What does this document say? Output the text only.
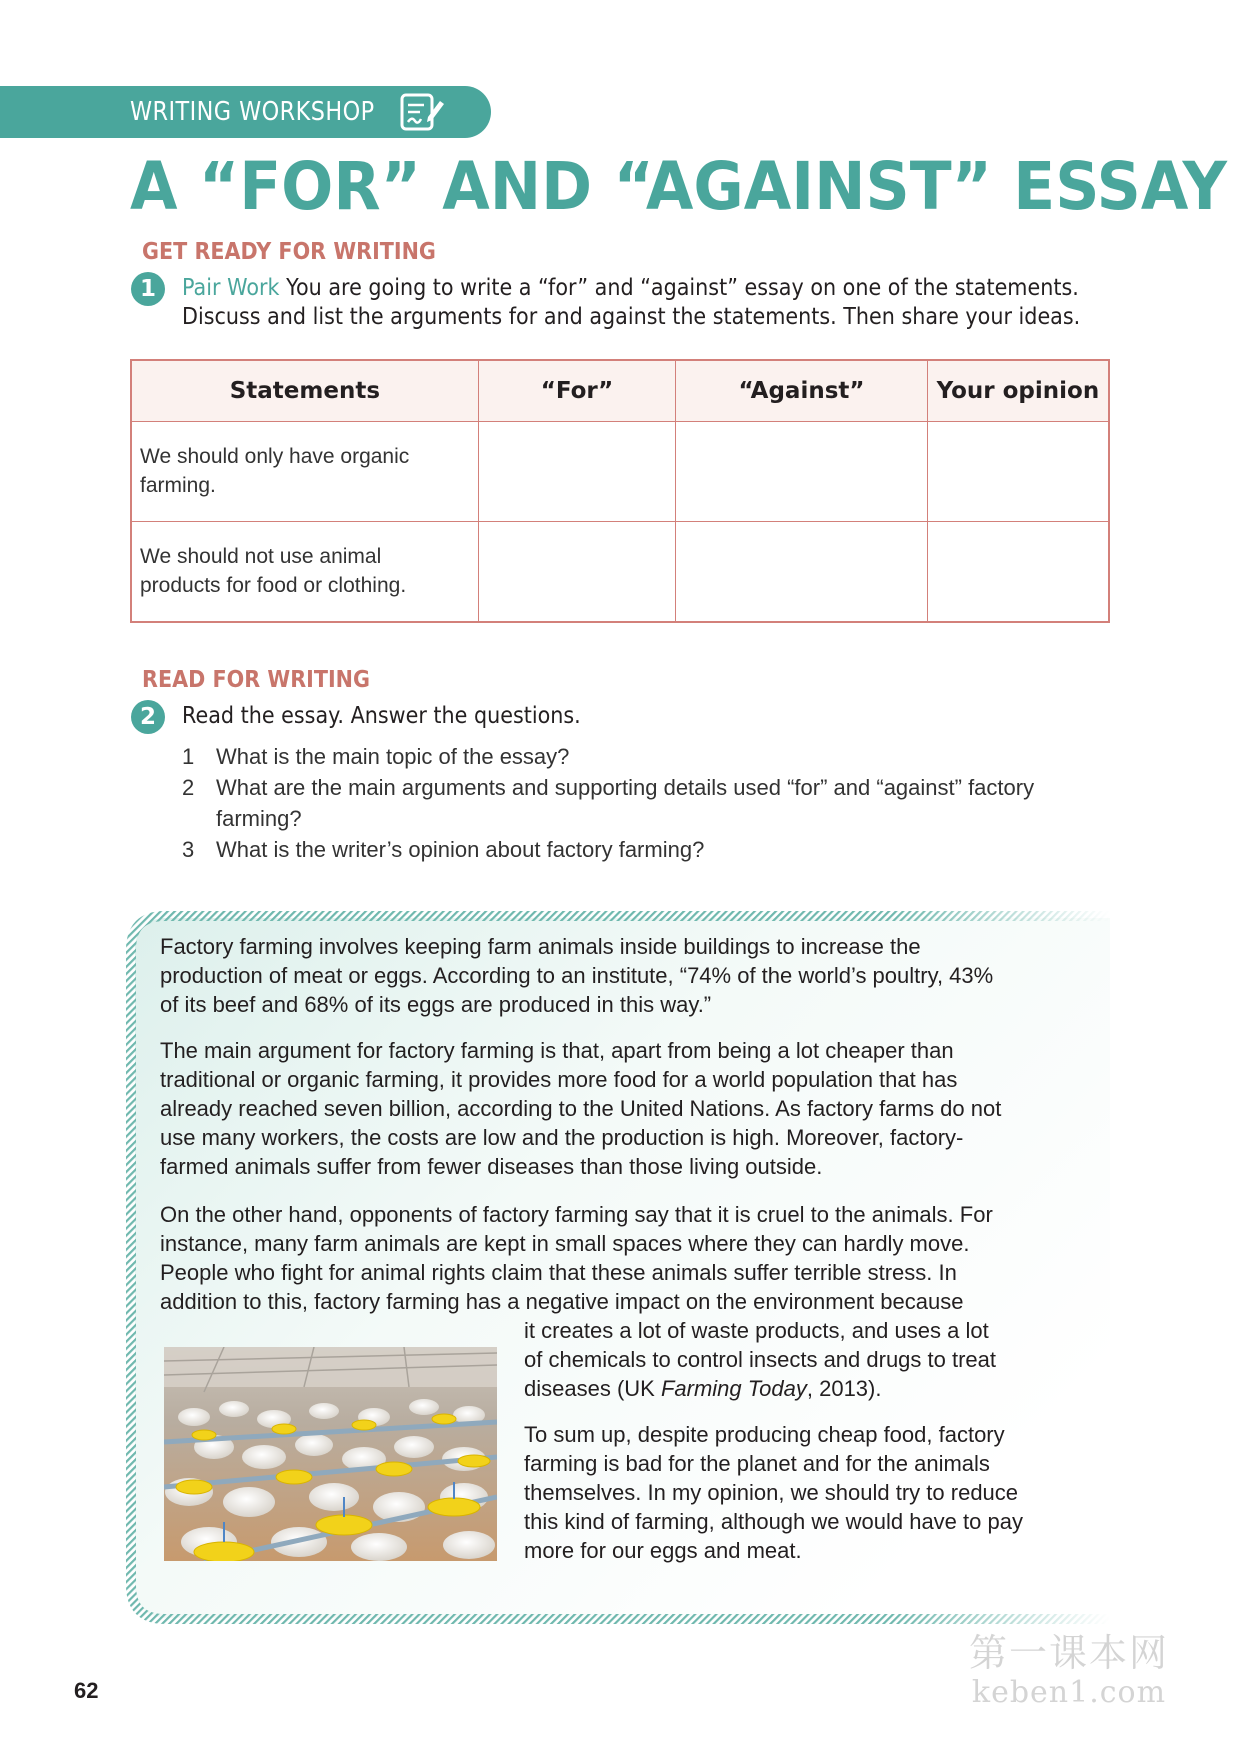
WRITING WORKSHOP
A “FOR” AND “AGAINST” ESSAY
GET READY FOR WRITING
1	Pair Work You are going to write a “for” and “against” essay on one of the statements.
Discuss and list the arguments for and against the statements. Then share your ideas.
Statements	“For”	“Against”	Your opinion

We should only have organic
farming.			

We should not use animal
products for food or clothing.			

READ FOR WRITING
2	Read the essay. Answer the questions.
1 What is the main topic of the essay?
2 What are the main arguments and supporting details used “for” and “against” factory farming?
3 What is the writer’s opinion about factory farming?
Factory farming involves keeping farm animals inside buildings to increase the
production of meat or eggs. According to an institute, “74% of the world’s poultry, 43%
of its beef and 68% of its eggs are produced in this way.”
The main argument for factory farming is that, apart from being a lot cheaper than
traditional or organic farming, it provides more food for a world population that has
already reached seven billion, according to the United Nations. As factory farms do not
use many workers, the costs are low and the production is high. Moreover, factory-
farmed animals suffer from fewer diseases than those living outside.
On the other hand, opponents of factory farming say that it is cruel to the animals. For
instance, many farm animals are kept in small spaces where they can hardly move.
People who fight for animal rights claim that these animals suffer terrible stress. In
addition to this, factory farming has a negative impact on the environment because
it creates a lot of waste products, and uses a lot
of chemicals to control insects and drugs to treat
diseases (UK Farming Today, 2013).
To sum up, despite producing cheap food, factory
farming is bad for the planet and for the animals
themselves. In my opinion, we should try to reduce
this kind of farming, although we would have to pay
more for our eggs and meat.
62
第一课本网
keben1.com
